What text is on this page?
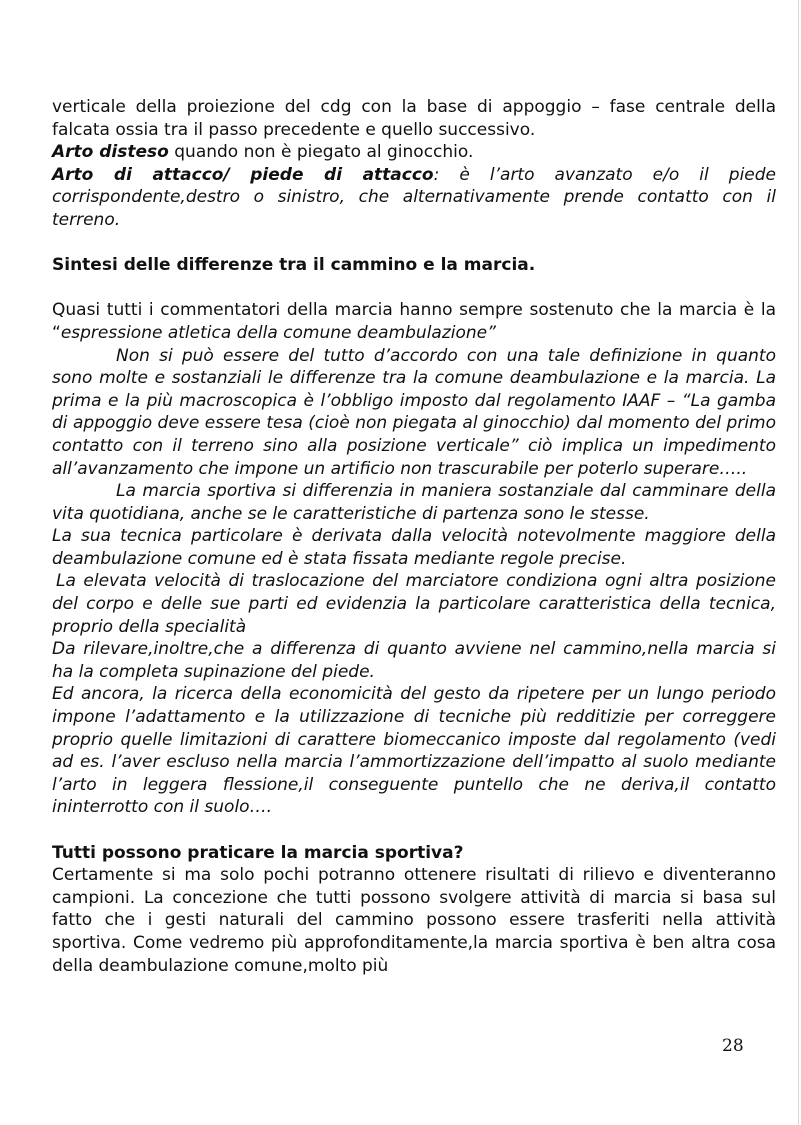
verticale della proiezione del cdg con la base di appoggio – fase centrale della falcata ossia tra il passo precedente e quello successivo.

Arto disteso quando non è piegato al ginocchio.

Arto di attacco/ piede di attacco: è l’arto avanzato e/o il piede corrispondente,destro o sinistro, che alternativamente prende contatto con il terreno.

Sintesi delle differenze tra il cammino e la marcia.

Quasi tutti i commentatori della marcia hanno sempre sostenuto che la marcia è la “espressione atletica della comune deambulazione”

Non si può essere del tutto d’accordo con una tale definizione in quanto sono molte e sostanziali le differenze tra la comune deambulazione e la marcia. La prima e la più macroscopica è l’obbligo imposto dal regolamento IAAF – “La gamba di appoggio deve essere tesa (cioè non piegata al ginocchio) dal momento del primo contatto con il terreno sino alla posizione verticale” ciò implica un impedimento all’avanzamento che impone un artificio non trascurabile per poterlo superare…..

La marcia sportiva si differenzia in maniera sostanziale dal camminare della vita quotidiana, anche se le caratteristiche di partenza sono le stesse.

La sua tecnica particolare è derivata dalla velocità notevolmente maggiore della deambulazione comune ed è stata fissata mediante regole precise.

La elevata velocità di traslocazione del marciatore condiziona ogni altra posizione del corpo e delle sue parti ed evidenzia la particolare caratteristica della tecnica, proprio della specialità

Da rilevare,inoltre,che a differenza di quanto avviene nel cammino,nella marcia si ha la completa supinazione del piede.

Ed ancora, la ricerca della economicità del gesto da ripetere per un lungo periodo impone l’adattamento e la utilizzazione di tecniche più redditizie per correggere proprio quelle limitazioni di carattere biomeccanico imposte dal regolamento (vedi ad es. l’aver escluso nella marcia l’ammortizzazione dell’impatto al suolo mediante l’arto in leggera flessione,il conseguente puntello che ne deriva,il contatto ininterrotto con il suolo….

Tutti possono praticare la marcia sportiva?

Certamente si ma solo pochi potranno ottenere risultati di rilievo e diventeranno campioni. La concezione che tutti possono svolgere attività di marcia si basa sul fatto che i gesti naturali del cammino possono essere trasferiti nella attività sportiva. Come vedremo più approfonditamente,la marcia sportiva è ben altra cosa della deambulazione comune,molto più

28
